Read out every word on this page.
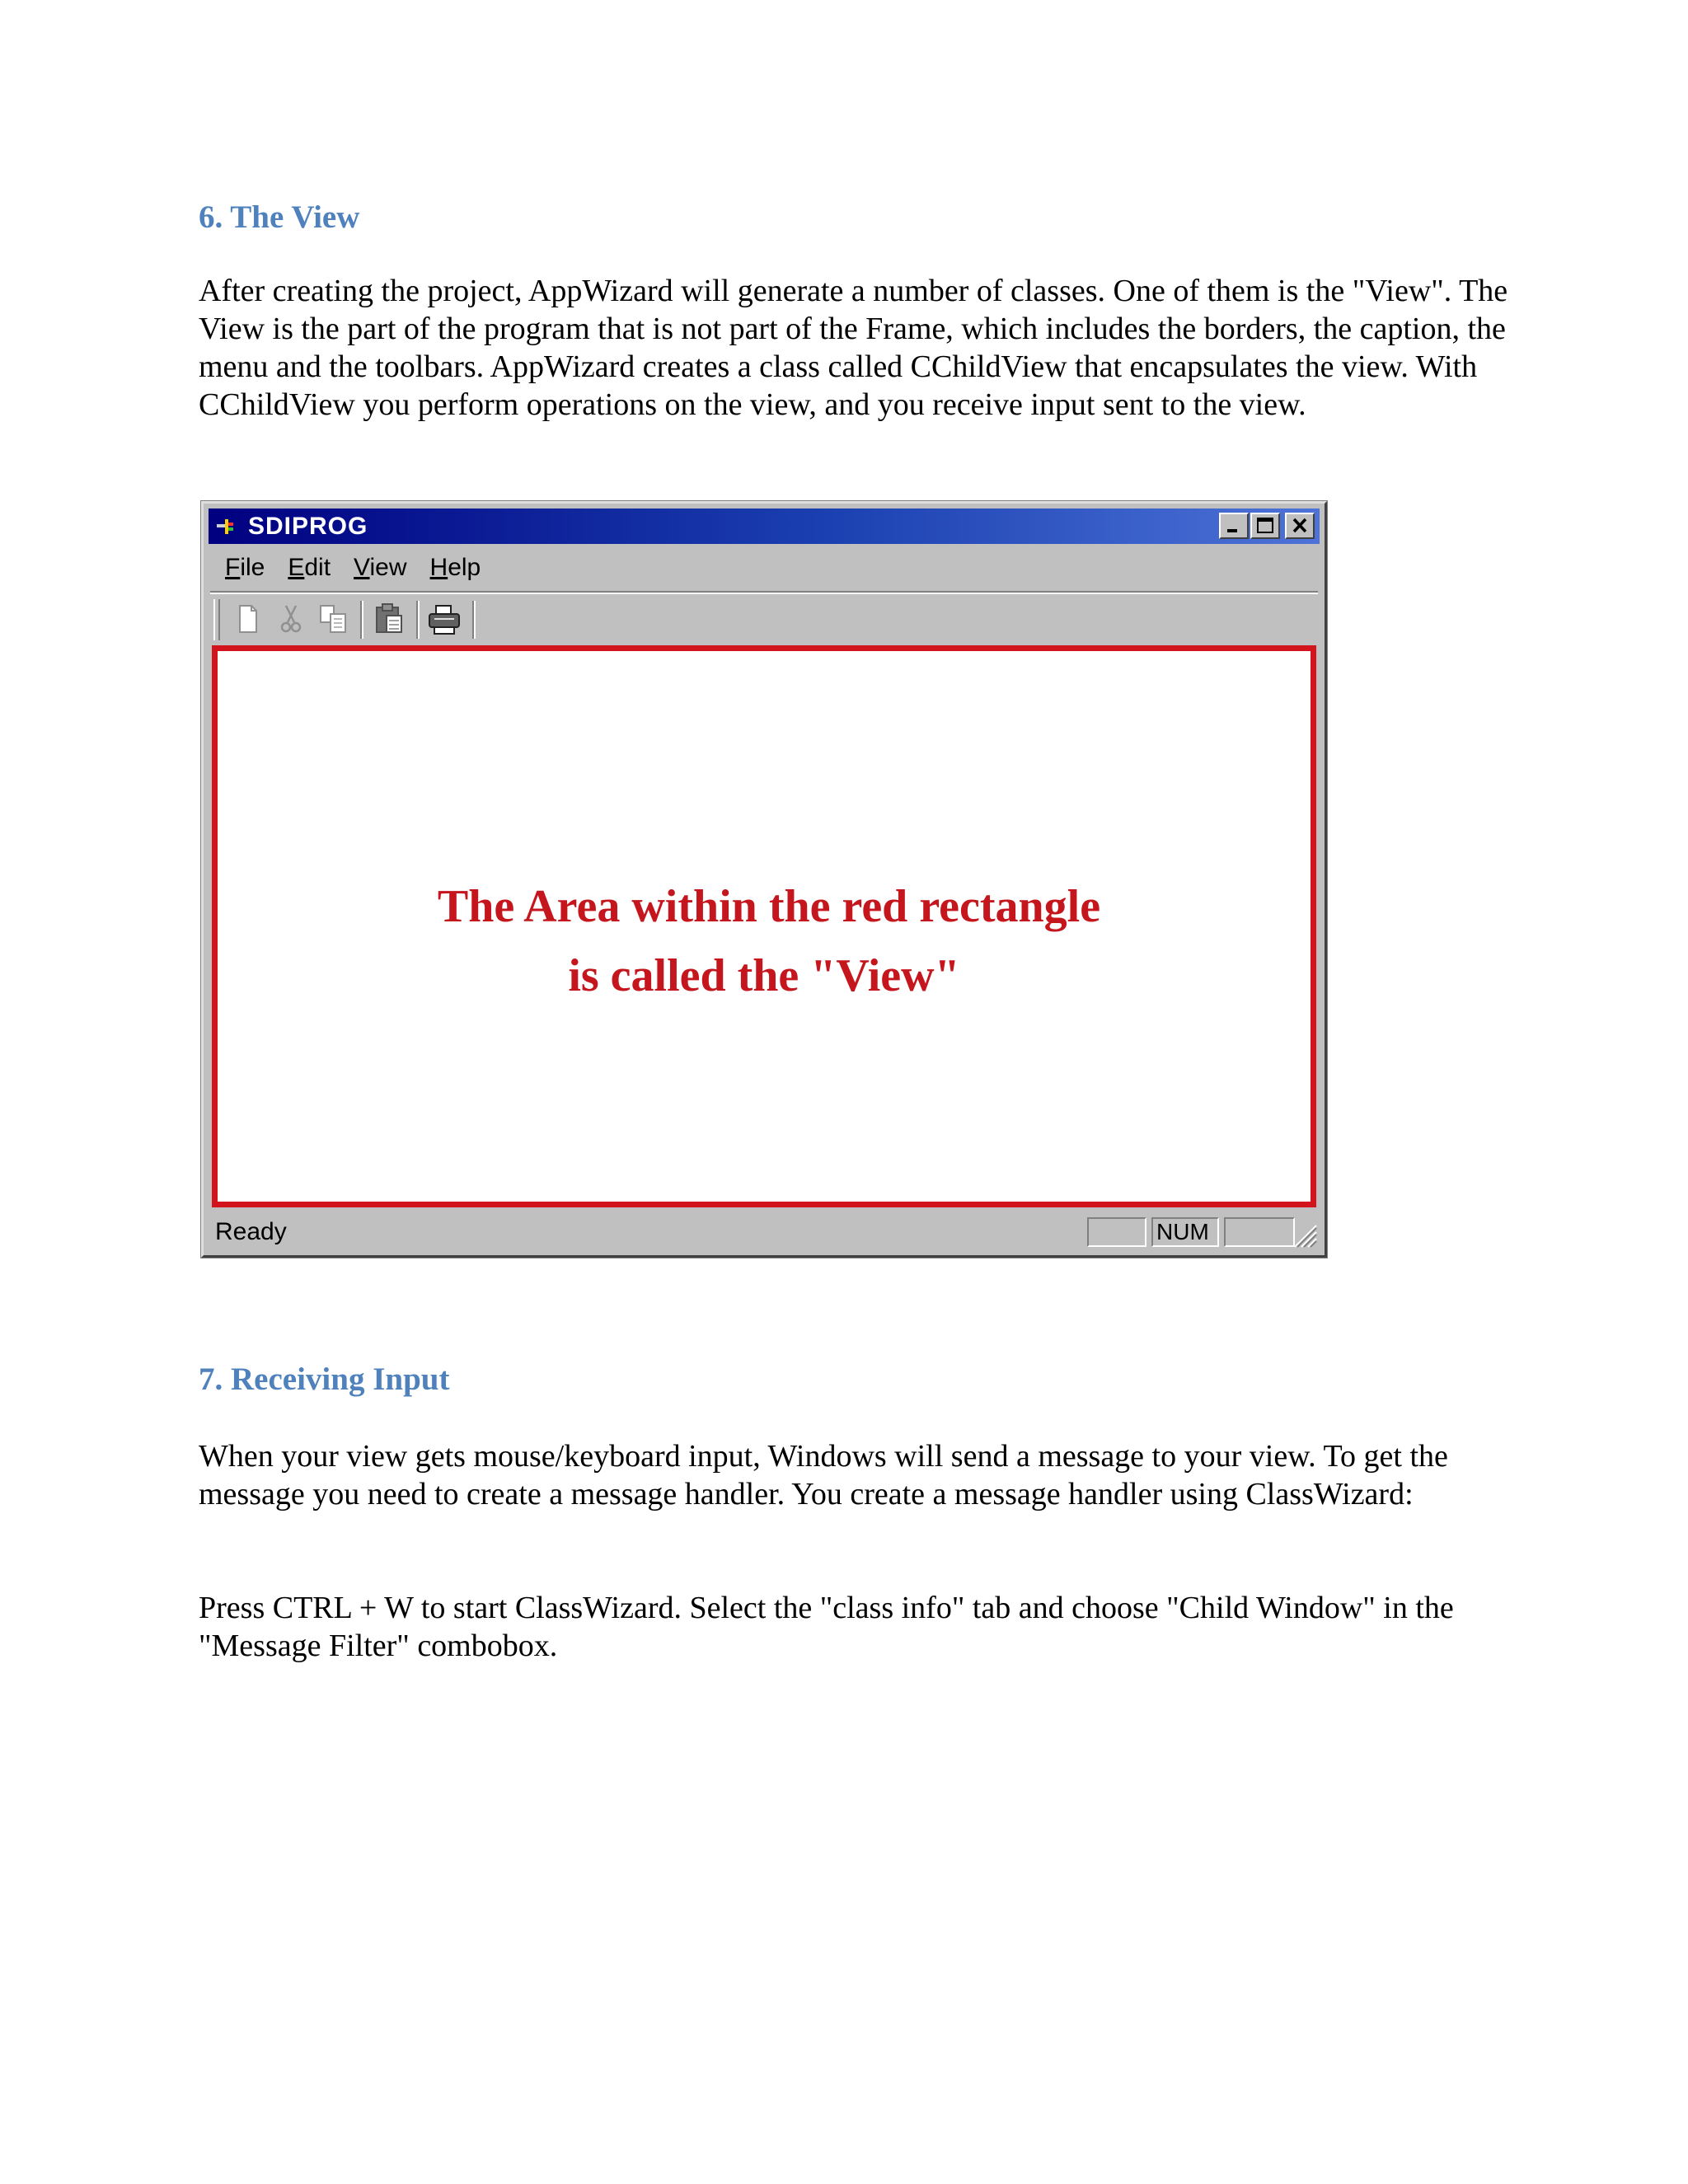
6. The View

After creating the project, AppWizard will generate a number of classes. One of them is the "View". The View is the part of the program that is not part of the Frame, which includes the borders, the caption, the menu and the toolbars. AppWizard creates a class called CChildView that encapsulates the view. With CChildView you perform operations on the view, and you receive input sent to the view.

SDIPROG
File Edit View Help
The Area within the red rectangle
is called the "View"
Ready	NUM
7. Receiving Input

When your view gets mouse/keyboard input, Windows will send a message to your view. To get the message you need to create a message handler. You create a message handler using ClassWizard:

Press CTRL + W to start ClassWizard. Select the "class info" tab and choose "Child Window" in the "Message Filter" combobox.
